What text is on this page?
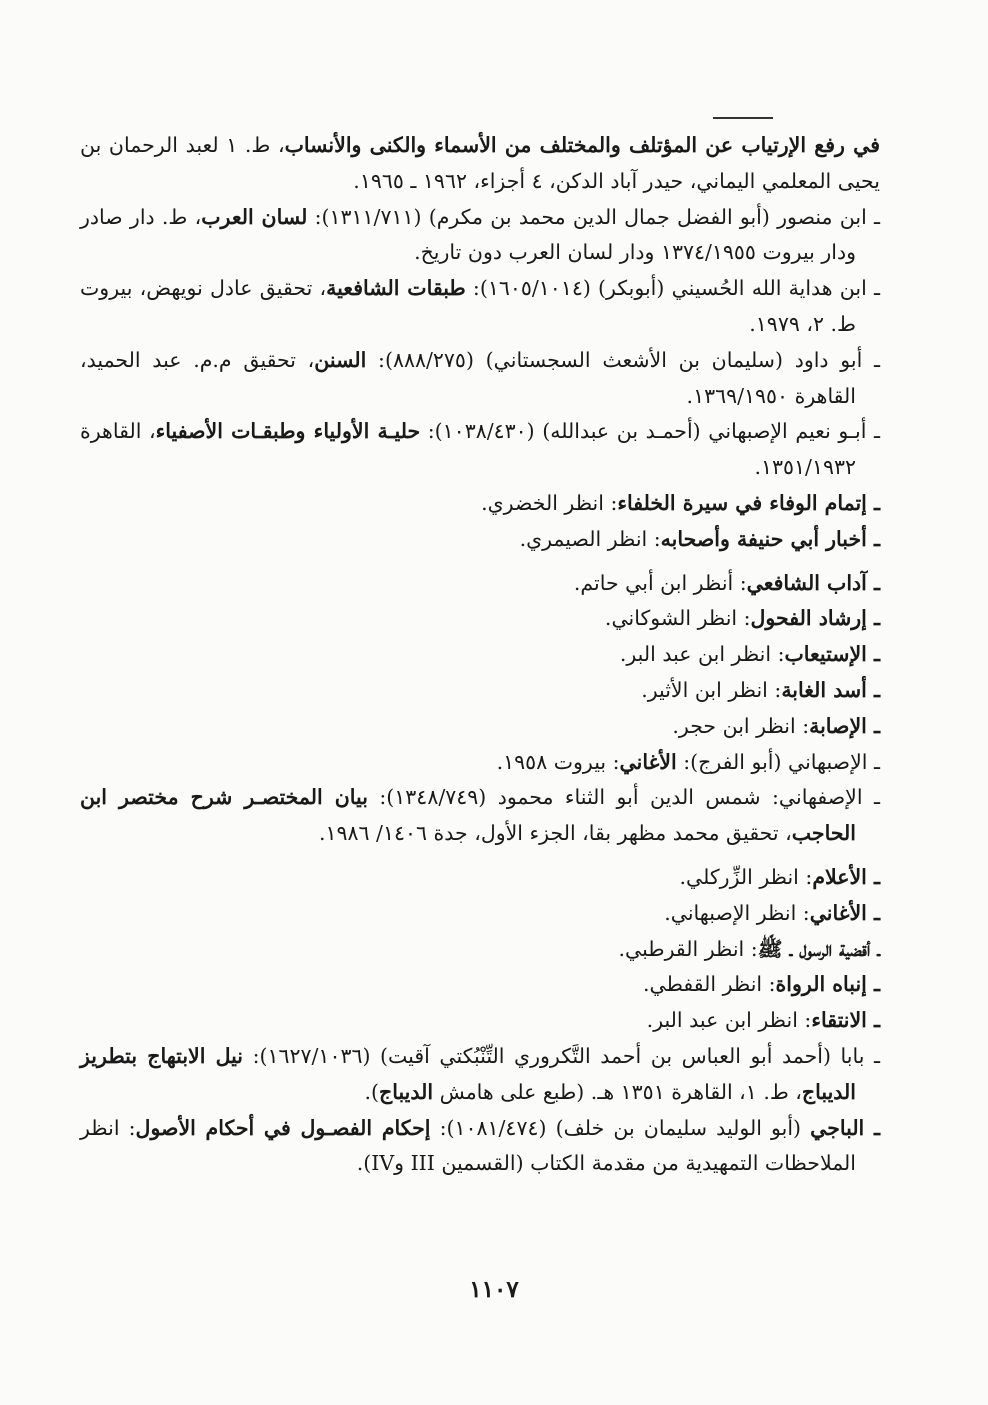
في رفع الإرتياب عن المؤتلف والمختلف من الأسماء والكنى والأنساب، ط. ١ لعبد الرحمان بن يحيى المعلمي اليماني، حيدر آباد الدكن، ٤ أجزاء، ١٩٦٢ ـ ١٩٦٥.

ـ ابن منصور (أبو الفضل جمال الدين محمد بن مكرم) (١٣١١/٧١١): لسان العرب، ط. دار صادر ودار بيروت ١٣٧٤/١٩٥٥ ودار لسان العرب دون تاريخ.

ـ ابن هداية الله الحُسيني (أبوبكر) (١٦٠٥/١٠١٤): طبقات الشافعية، تحقيق عادل نويهض، بيروت ط. ٢، ١٩٧٩.

ـ أبو داود (سليمان بن الأشعث السجستاني) (٨٨٨/٢٧٥): السنن، تحقيق م.م. عبد الحميد، القاهرة ١٣٦٩/١٩٥٠.

ـ أبـو نعيم الإصبهاني (أحمـد بن عبدالله) (١٠٣٨/٤٣٠): حليـة الأولياء وطبقـات الأصفياء، القاهرة ١٣٥١/١٩٣٢.

ـ إتمام الوفاء في سيرة الخلفاء: انظر الخضري.

ـ أخبار أبي حنيفة وأصحابه: انظر الصيمري.

ـ آداب الشافعي: أنظر ابن أبي حاتم.

ـ إرشاد الفحول: انظر الشوكاني.

ـ الإستيعاب: انظر ابن عبد البر.

ـ أسد الغابة: انظر ابن الأثير.

ـ الإصابة: انظر ابن حجر.

ـ الإصبهاني (أبو الفرج): الأغاني: بيروت ١٩٥٨.

ـ الإصفهاني: شمس الدين أبو الثناء محمود (١٣٤٨/٧٤٩): بيان المختصـر شرح مختصر ابن الحاجب، تحقيق محمد مظهر بقا، الجزء الأول، جدة ١٤٠٦/ ١٩٨٦.

ـ الأعلام: انظر الزِّركلي.

ـ الأغاني: انظر الإصبهاني.

ـ أقضية الرسول ـ ﷺ: انظر القرطبي.

ـ إنباه الرواة: انظر القفطي.

ـ الانتقاء: انظر ابن عبد البر.

ـ بابا (أحمد أبو العباس بن أحمد التَّكروري التِّنْبُكتي آقيت) (١٦٢٧/١٠٣٦): نيل الابتهاج بتطريز الديباج، ط. ١، القاهرة ١٣٥١ هـ. (طبع على هامش الديباج).

ـ الباجي (أبو الوليد سليمان بن خلف) (١٠٨١/٤٧٤): إحكام الفصـول في أحكام الأصول: انظر الملاحظات التمهيدية من مقدمة الكتاب (القسمين III وIV).

١١٠٧
